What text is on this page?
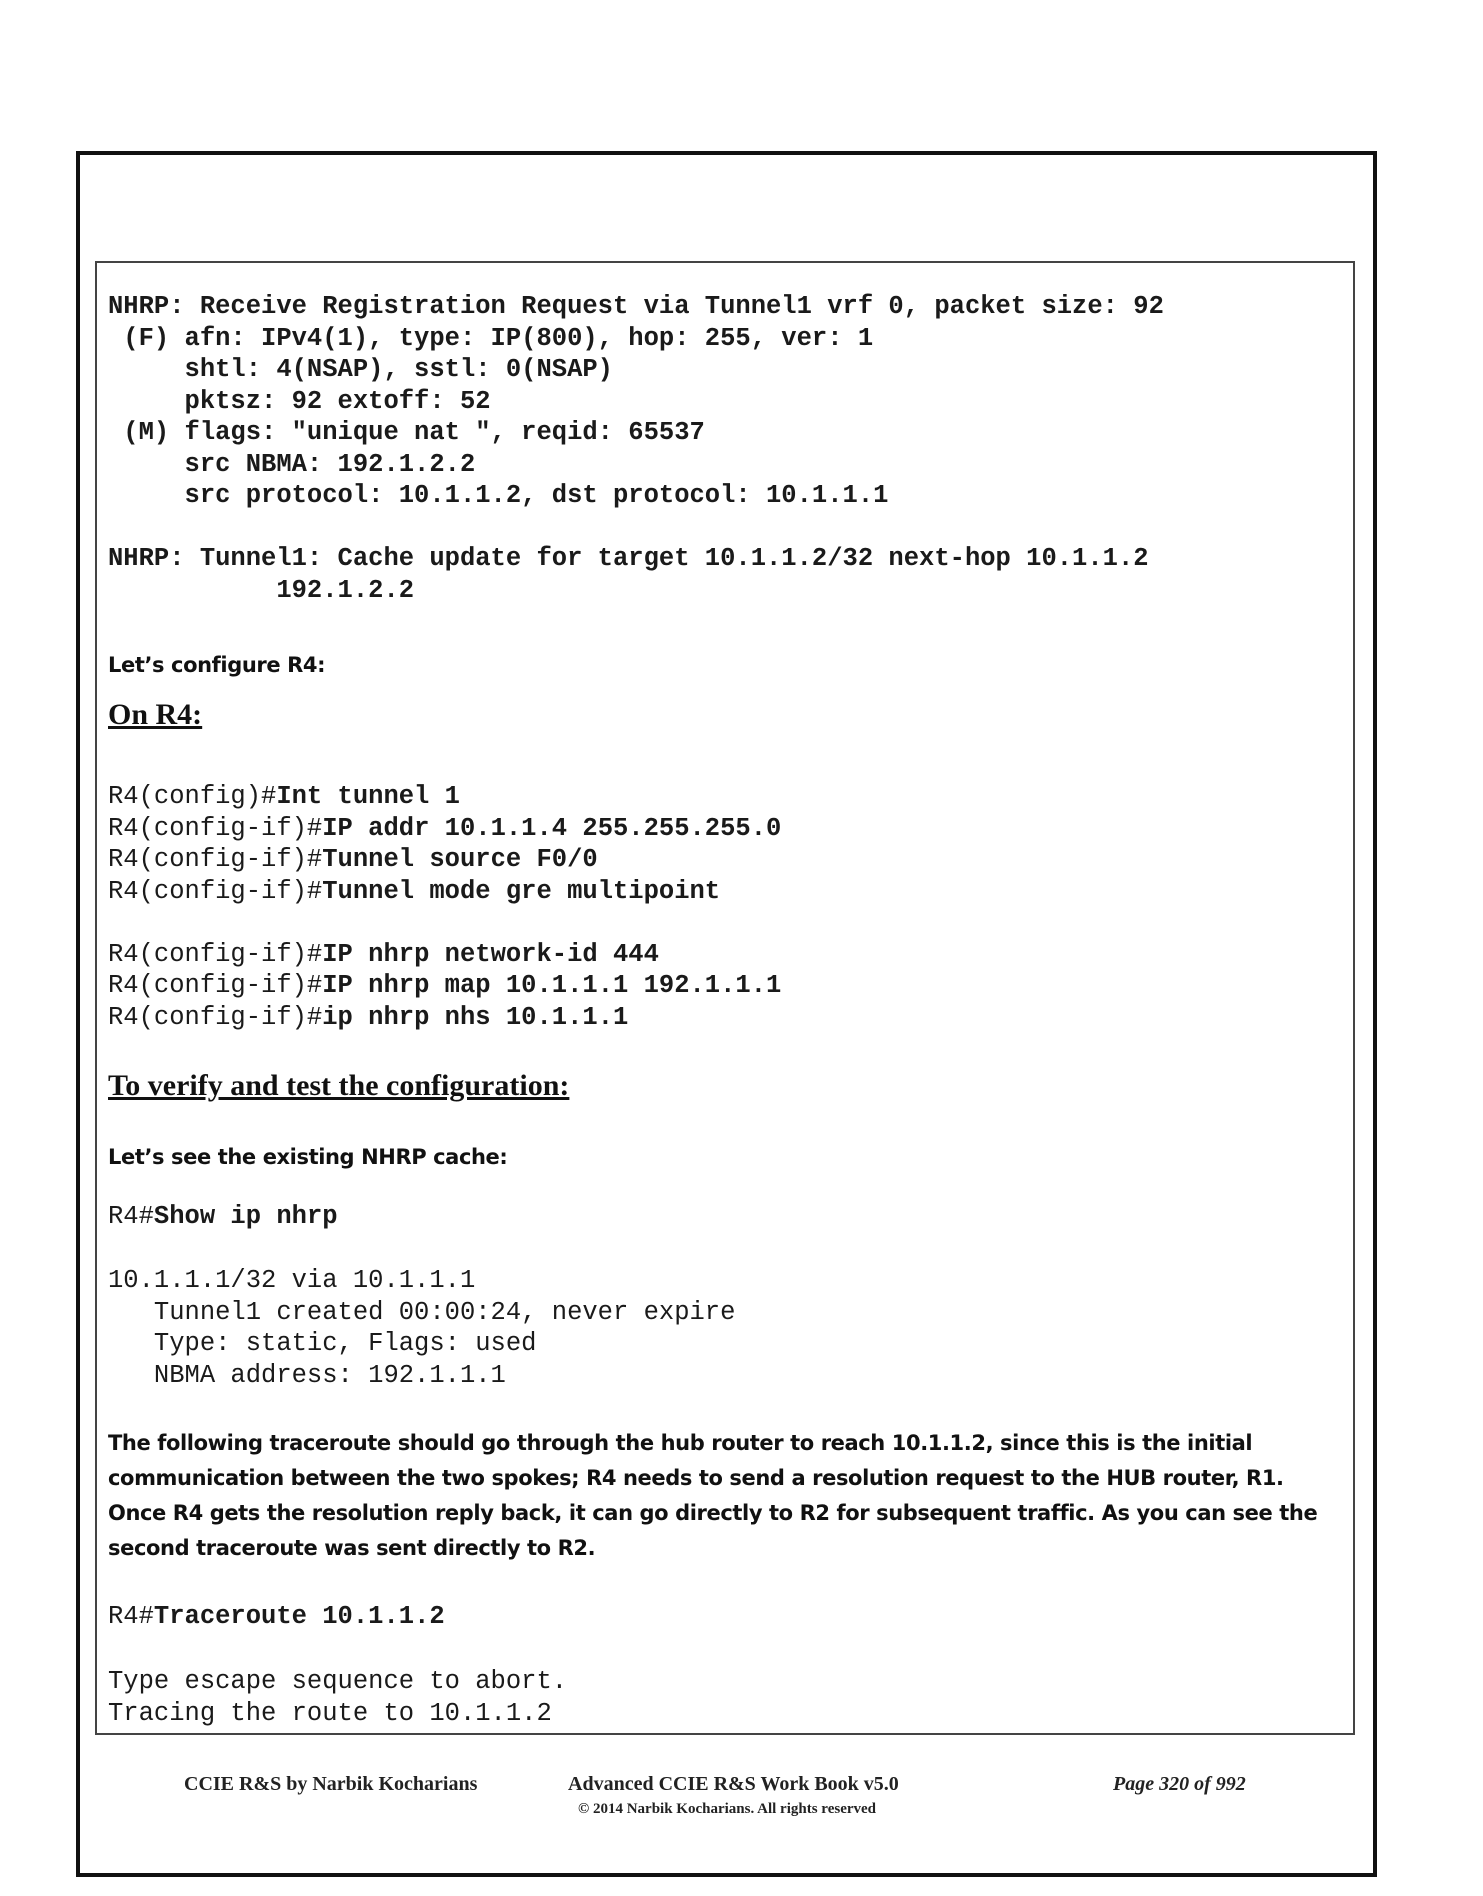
NHRP: Receive Registration Request via Tunnel1 vrf 0, packet size: 92
(F) afn: IPv4(1), type: IP(800), hop: 255, ver: 1
shtl: 4(NSAP), sstl: 0(NSAP)
pktsz: 92 extoff: 52
(M) flags: "unique nat ", reqid: 65537
src NBMA: 192.1.2.2
src protocol: 10.1.1.2, dst protocol: 10.1.1.1
NHRP: Tunnel1: Cache update for target 10.1.1.2/32 next-hop 10.1.1.2
192.1.2.2

Let’s configure R4:

On R4:

R4(config)#Int tunnel 1
R4(config-if)#IP addr 10.1.1.4 255.255.255.0
R4(config-if)#Tunnel source F0/0
R4(config-if)#Tunnel mode gre multipoint
R4(config-if)#IP nhrp network-id 444
R4(config-if)#IP nhrp map 10.1.1.1 192.1.1.1
R4(config-if)#ip nhrp nhs 10.1.1.1

To verify and test the configuration:

Let’s see the existing NHRP cache:

R4#Show ip nhrp
10.1.1.1/32 via 10.1.1.1
Tunnel1 created 00:00:24, never expire
Type: static, Flags: used
NBMA address: 192.1.1.1

The following traceroute should go through the hub router to reach 10.1.1.2, since this is the initial

communication between the two spokes; R4 needs to send a resolution request to the HUB router, R1.

Once R4 gets the resolution reply back, it can go directly to R2 for subsequent traffic. As you can see the

second traceroute was sent directly to R2.

R4#Traceroute 10.1.1.2
Type escape sequence to abort.
Tracing the route to 10.1.1.2
CCIE R&S by Narbik Kocharians	Advanced CCIE R&S Work Book v5.0
© 2014 Narbik Kocharians. All rights reserved
Page 320 of 992
